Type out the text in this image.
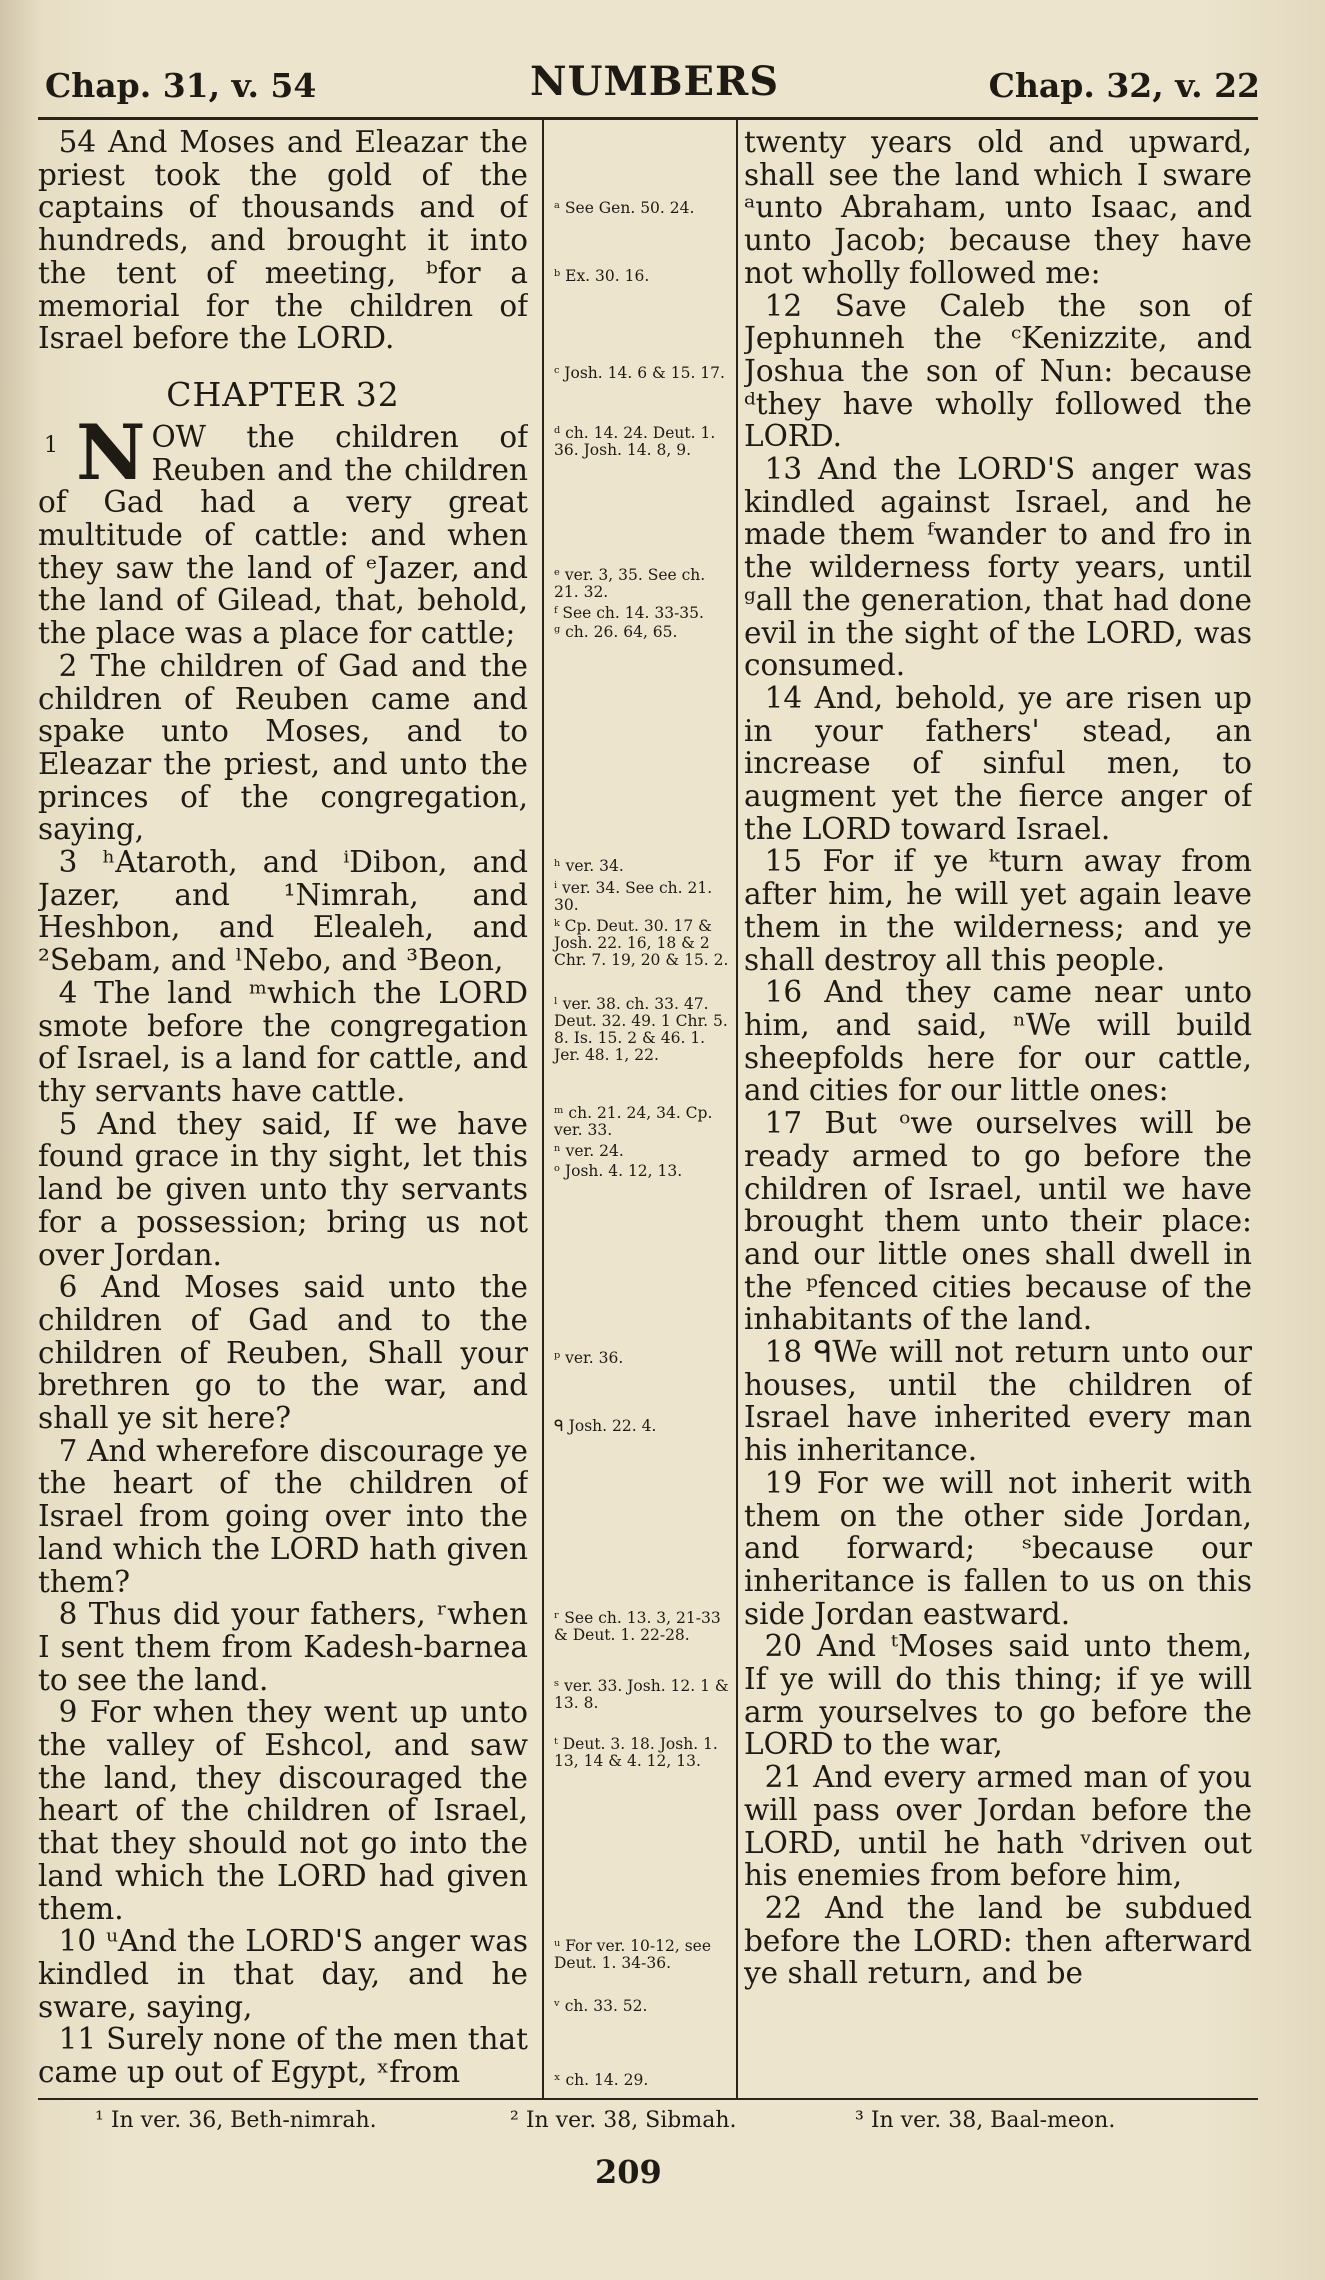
Chap. 31, v. 54	NUMBERS	Chap. 32, v. 22
54 And Moses and Eleazar the priest took the gold of the captains of thousands and of hundreds, and brought it into the tent of meeting, ᵇfor a memorial for the children of Israel before the LORD.
CHAPTER 32
1 N OW the children of Reuben and the children of Gad had a very great multitude of cattle: and when they saw the land of ᵉJazer, and the land of Gilead, that, behold, the place was a place for cattle;
2 The children of Gad and the children of Reuben came and spake unto Moses, and to Eleazar the priest, and unto the princes of the congregation, saying,
3 ʰAtaroth, and ⁱDibon, and Jazer, and ¹Nimrah, and Heshbon, and Elealeh, and ²Sebam, and ˡNebo, and ³Beon,
4 The land ᵐwhich the LORD smote before the congregation of Israel, is a land for cattle, and thy servants have cattle.
5 And they said, If we have found grace in thy sight, let this land be given unto thy servants for a possession; bring us not over Jordan.
6 And Moses said unto the children of Gad and to the children of Reuben, Shall your brethren go to the war, and shall ye sit here?
7 And wherefore discourage ye the heart of the children of Israel from going over into the land which the LORD hath given them?
8 Thus did your fathers, ʳwhen I sent them from Kadesh-barnea to see the land.
9 For when they went up unto the valley of Eshcol, and saw the land, they discouraged the heart of the children of Israel, that they should not go into the land which the LORD had given them.
10 ᵘAnd the LORD'S anger was kindled in that day, and he sware, saying,
11 Surely none of the men that came up out of Egypt, ˣfrom
ᵃ See Gen. 50. 24.
ᵇ Ex. 30. 16.
ᶜ Josh. 14. 6 & 15. 17.
ᵈ ch. 14. 24. Deut. 1. 36. Josh. 14. 8, 9.
ᵉ ver. 3, 35. See ch. 21. 32.
ᶠ See ch. 14. 33-35.
ᵍ ch. 26. 64, 65.
ʰ ver. 34.
ⁱ ver. 34. See ch. 21. 30.
ᵏ Cp. Deut. 30. 17 & Josh. 22. 16, 18 & 2 Chr. 7. 19, 20 & 15. 2.
ˡ ver. 38. ch. 33. 47. Deut. 32. 49. 1 Chr. 5. 8. Is. 15. 2 & 46. 1. Jer. 48. 1, 22.
ᵐ ch. 21. 24, 34. Cp. ver. 33.
ⁿ ver. 24.
ᵒ Josh. 4. 12, 13.
ᵖ ver. 36.
ᑫ Josh. 22. 4.
ʳ See ch. 13. 3, 21-33 & Deut. 1. 22-28.
ˢ ver. 33. Josh. 12. 1 & 13. 8.
ᵗ Deut. 3. 18. Josh. 1. 13, 14 & 4. 12, 13.
ᵘ For ver. 10-12, see Deut. 1. 34-36.
ᵛ ch. 33. 52.
ˣ ch. 14. 29.
twenty years old and upward, shall see the land which I sware ᵃunto Abraham, unto Isaac, and unto Jacob; because they have not wholly followed me:
12 Save Caleb the son of Jephunneh the ᶜKenizzite, and Joshua the son of Nun: because ᵈthey have wholly followed the LORD.
13 And the LORD'S anger was kindled against Israel, and he made them ᶠwander to and fro in the wilderness forty years, until ᵍall the generation, that had done evil in the sight of the LORD, was consumed.
14 And, behold, ye are risen up in your fathers' stead, an increase of sinful men, to augment yet the fierce anger of the LORD toward Israel.
15 For if ye ᵏturn away from after him, he will yet again leave them in the wilderness; and ye shall destroy all this people.
16 And they came near unto him, and said, ⁿWe will build sheepfolds here for our cattle, and cities for our little ones:
17 But ᵒwe ourselves will be ready armed to go before the children of Israel, until we have brought them unto their place: and our little ones shall dwell in the ᵖfenced cities because of the inhabitants of the land.
18 ᑫWe will not return unto our houses, until the children of Israel have inherited every man his inheritance.
19 For we will not inherit with them on the other side Jordan, and forward; ˢbecause our inheritance is fallen to us on this side Jordan eastward.
20 And ᵗMoses said unto them, If ye will do this thing; if ye will arm yourselves to go before the LORD to the war,
21 And every armed man of you will pass over Jordan before the LORD, until he hath ᵛdriven out his enemies from before him,
22 And the land be subdued before the LORD: then afterward ye shall return, and be
¹ In ver. 36, Beth-nimrah.	² In ver. 38, Sibmah.	³ In ver. 38, Baal-meon.
209
